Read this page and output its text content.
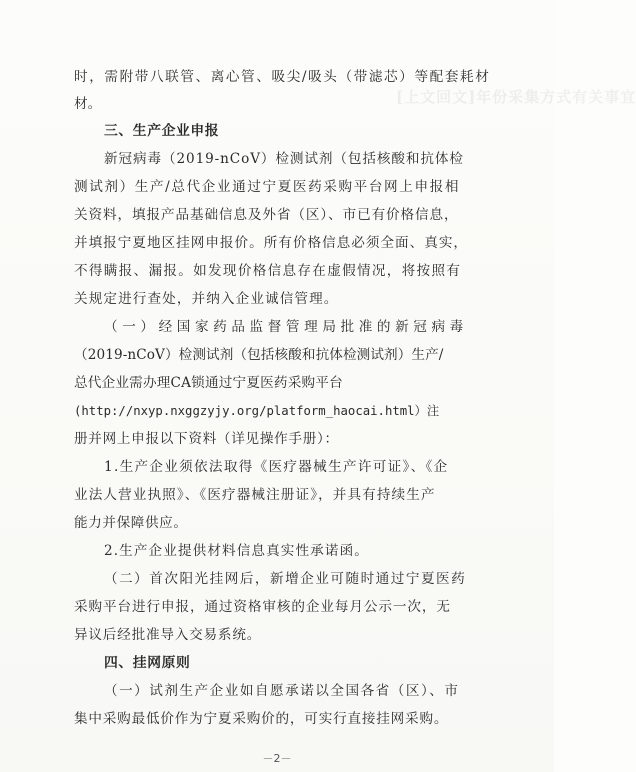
[上文回文]年份采集方式有关事宜
时，需附带八联管、离心管、吸尖/吸头（带滤芯）等配套耗材
材。
三、生产企业申报
新冠病毒（2019-nCoV）检测试剂（包括核酸和抗体检
测试剂）生产/总代企业通过宁夏医药采购平台网上申报相
关资料，填报产品基础信息及外省（区）、市已有价格信息，
并填报宁夏地区挂网申报价。所有价格信息必须全面、真实，
不得瞒报、漏报。如发现价格信息存在虚假情况，将按照有
关规定进行查处，并纳入企业诚信管理。
（一）经国家药品监督管理局批准的新冠病毒
（2019-nCoV）检测试剂（包括核酸和抗体检测试剂）生产/
总代企业需办理CA锁通过宁夏医药采购平台
(http://nxyp.nxggzyjy.org/platform_haocai.html）注
册并网上申报以下资料（详见操作手册）：
1.生产企业须依法取得《医疗器械生产许可证》、《企
业法人营业执照》、《医疗器械注册证》，并具有持续生产
能力并保障供应。
2.生产企业提供材料信息真实性承诺函。
（二）首次阳光挂网后，新增企业可随时通过宁夏医药
采购平台进行申报，通过资格审核的企业每月公示一次，无
异议后经批准导入交易系统。
四、挂网原则
（一）试剂生产企业如自愿承诺以全国各省（区）、市
集中采购最低价作为宁夏采购价的，可实行直接挂网采购。
－2－
